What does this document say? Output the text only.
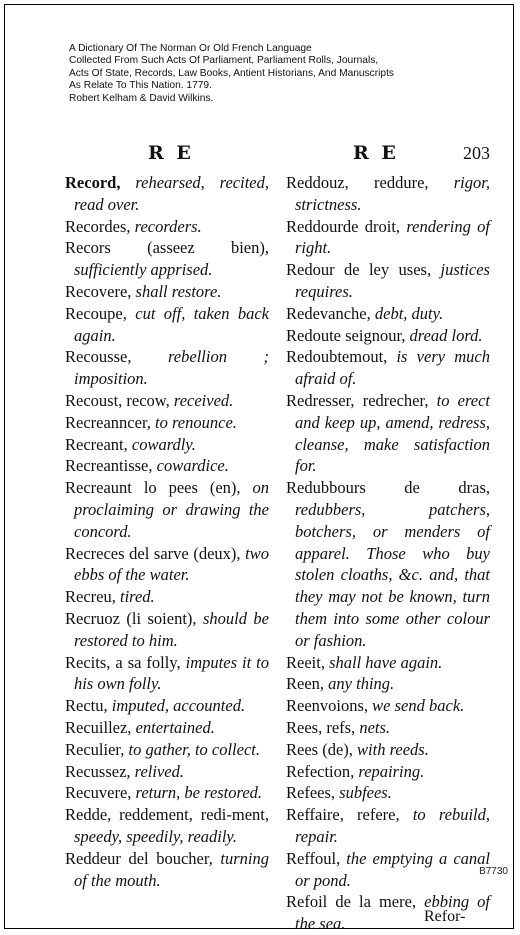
A Dictionary Of The Norman Or Old French Language
Collected From Such Acts Of Parliament, Parliament Rolls, Journals,
Acts Of State, Records, Law Books, Antient Historians, And Manuscripts
As Relate To This Nation. 1779.
Robert Kelham & David Wilkins.
R E	R E	203
Record, rehearsed, recited, read over.
Recordes, recorders.
Recors (asseez bien), sufficiently apprised.
Recovere, shall restore.
Recoupe, cut off, taken back again.
Recousse, rebellion ; imposition.
Recoust, recow, received.
Recreanncer, to renounce.
Recreant, cowardly.
Recreantisse, cowardice.
Recreaunt lo pees (en), on proclaiming or drawing the concord.
Recreces del sarve (deux), two ebbs of the water.
Recreu, tired.
Recruoz (li soient), should be restored to him.
Recits, a sa folly, imputes it to his own folly.
Rectu, imputed, accounted.
Recuillez, entertained.
Reculier, to gather, to collect.
Recussez, relived.
Recuvere, return, be restored.
Redde, reddement, redi-ment, speedy, speedily, readily.
Reddeur del boucher, turning of the mouth.
Reddouz, reddure, rigor, strictness.
Reddourde droit, rendering of right.
Redour de ley uses, justices requires.
Redevanche, debt, duty.
Redoute seignour, dread lord.
Redoubtemout, is very much afraid of.
Redresser, redrecher, to erect and keep up, amend, redress, cleanse, make satisfaction for.
Redubbours de dras, redubbers, patchers, botchers, or menders of apparel. Those who buy stolen cloaths, &c. and, that they may not be known, turn them into some other colour or fashion.
Reeit, shall have again.
Reen, any thing.
Reenvoions, we send back.
Rees, refs, nets.
Rees (de), with reeds.
Refection, repairing.
Refees, subfees.
Reffaire, refere, to rebuild, repair.
Reffoul, the emptying a canal or pond.
Refoil de la mere, ebbing of the sea.
B7730
Refor-
